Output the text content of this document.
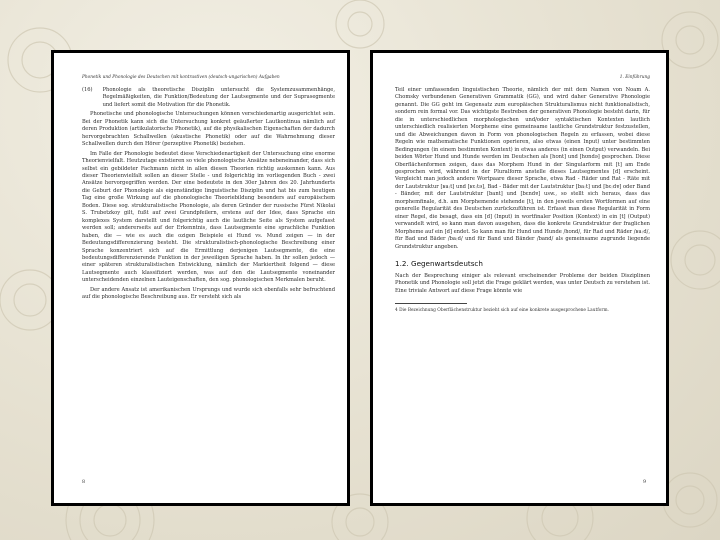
Phonetik und Phonologie des Deutschen mit kontrastiven (deutsch-ungarischen) Aufgaben
(16) Phonologie als theoretische Disziplin untersucht die Systemzusammenhänge, Regelmäßigkeiten, die Funktion/Bedeutung der Lautsegmente und der Suprasegmente und liefert somit die Motivation für die Phonetik.

Phonetische und phonologische Untersuchungen können verschiedenartig ausgerichtet sein. Bei der Phonetik kann sich die Untersuchung konkret geäußerter Lautkontinua nämlich auf deren Produktion (artikulatorische Phonetik), auf die physikalischen Eigenschaften der dadurch hervorgebrachten Schallwellen (akustische Phonetik) oder auf die Wahrnehmung dieser Schallwellen durch den Hörer (perzeptive Phonetik) beziehen.

Im Falle der Phonologie bedeutet diese Verschiedenartigkeit der Untersuchung eine enorme Theorienvielfalt. Heutzutage existieren so viele phonologische Ansätze nebeneinander, dass sich selbst ein gebildeter Fachmann nicht in allen diesen Theorien richtig auskennen kann. Aus dieser Theorienvielfalt sollen an dieser Stelle - und folgerichtig im vorliegenden Buch - zwei Ansätze hervorgegriffen werden. Der eine bedeutete in den 30er Jahren des 20. Jahrhunderts die Geburt der Phonologie als eigenständige linguistische Disziplin und hat bis zum heutigen Tag eine große Wirkung auf die phonologische Theoriebildung besonders auf europäischem Boden. Diese sog. strukturalistische Phonologie, als deren Gründer der russische Fürst Nikolai S. Trubetzkoy gilt, fußt auf zwei Grundpfeilern, erstens auf der Idee, dass Sprache ein komplexes System darstellt und folgerichtig auch die lautliche Seite als System aufgefasst werden soll; andererseits auf der Erkenntnis, dass Lautsegmente eine sprachliche Funktion haben, die — wie es auch die ozigen Beispiele ei Hund vs. Mund zeigen — in der Bedeutungsdifferenzierung besteht. Die strukturalistisch-phonologische Beschreibung einer Sprache konzentriert sich auf die Ermittlung derjenigen Lautsegmente, die eine bedeutungsdifferenzierende Funktion in der jeweiligen Sprache haben. In ihr sollen jedoch — einer späteren strukturalistischen Entwicklung, nämlich der Markiertheit folgend — diese Lautsegmente auch klassifiziert werden, was auf den die Lautsegmente voneinander unterscheidenden einzelnen Lauteigenschaften, den sog. phonologischen Merkmalen beruht.

Der andere Ansatz ist amerikanischen Ursprungs und wurde sich ebenfalls sehr befruchtend auf die phonologische Beschreibung aus. Er versteht sich als

8
1. Einführung

Teil einer umfassenden linguistischen Theorie, nämlich der mit dem Namen von Noam A. Chomsky verbundenen Generativen Grammatik (GG), und wird daher Generative Phonologie genannt. Die GG geht im Gegensatz zum europäischen Strukturalismus nicht funktionalistisch, sondern rein formal vor. Das wichtigste Bestreben der generativen Phonologie besteht darin, für die in unterschiedlichen morphologischen und/oder syntaktischen Kontexten lautlich unterschiedlich realisierten Morpheme eine gemeinsame lautliche Grundstruktur festzustellen, und die Abweichungen davon in Form von phonologischen Regeln zu erfassen, wobei diese Regeln wie mathematische Funktionen operieren, also etwas (einen Input) unter bestimmten Bedingungen (in einem bestimmten Kontext) in etwas anderes (in einen Output) verwandeln. Bei beiden Wörter Hund und Hunde werden im Deutschen als [hʊnt] und [hʊndə] gesprochen. Diese Oberflächenformen zeigen, dass das Morphem Hund in der Singularform mit [t] am Ende gesprochen wird, während in der Pluralform anstelle dieses Lautsegmentes [d] erscheint. Vergleicht man jedoch andere Wortpaare dieser Sprache, etwa Rad - Räder und Rat - Räte mit der Lautstruktur [ʁaːt] und [ʁɛːtə], Bad - Bäder mit der Lautstruktur [baːt] und [bɛːdɐ] oder Band - Bänder, mit der Lautstruktur [bant] und [bɛndɐ] usw., so stellt sich heraus, dass das morphemfinale, d.h. am Morphemende stehende [t], in den jeweils ersten Wortformen auf eine generelle Regularität des Deutschen zurückzuführen ist. Erfasst man diese Regularität in Form einer Regel, die besagt, dass ein [d] (Input) in wortfinaler Position (Kontext) in ein [t] (Output) verwandelt wird, so kann man davon ausgehen, dass die konkrete Grundstruktur der fraglichen Morpheme auf ein [d] endet. So kann man für Hund und Hunde /hʊnd/, für Rad und Räder /ʁaːd/, für Bad und Bäder /baːd/ und für Band und Bänder /band/ als gemeinsame zugrunde liegende Grundstruktur angeben.

1.2. Gegenwartsdeutsch

Nach der Besprechung einiger als relevant erscheinender Probleme der beiden Disziplinen Phonetik und Phonologie soll jetzt die Frage geklärt werden, was unter Deutsch zu verstehen ist. Eine triviale Antwort auf diese Frage könnte wie

4 Die Bezeichnung Oberflächenstruktur bezieht sich auf eine konkrete ausgesprochene Lautform.
9
